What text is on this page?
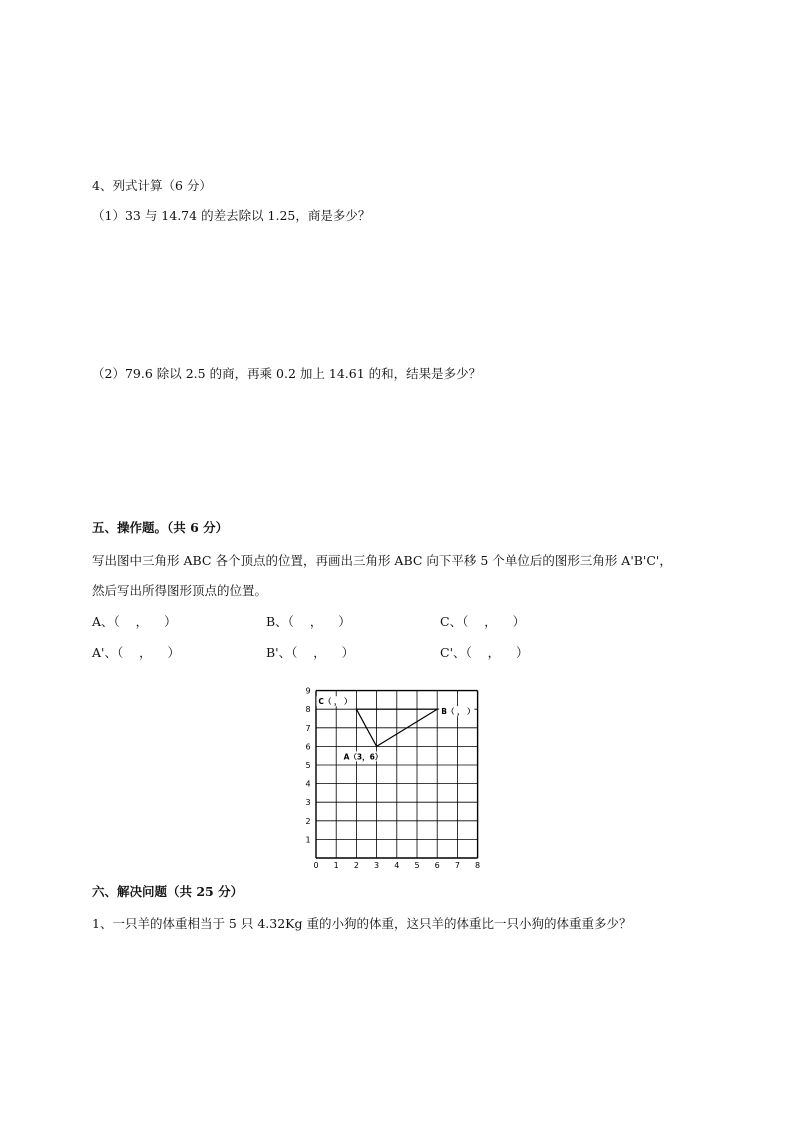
4、列式计算（6 分）
（1）33 与 14.74 的差去除以 1.25，商是多少？
（2）79.6 除以 2.5 的商，再乘 0.2 加上 14.61 的和，结果是多少？
五、操作题。（共 6 分）
写出图中三角形 ABC 各个顶点的位置，再画出三角形 ABC 向下平移 5 个单位后的图形三角形 A'B'C'，
然后写出所得图形顶点的位置。
A、（    ，    ）	B、（    ，    ）	C、（    ，    ）
A'、（    ，    ）	B'、（    ，    ）	C'、（    ，    ）
0 1 2 3 4 5 6 7 8
1
2
3
4
5
6
7
8
9
A（3，6）
B（ ， ）
C（ ， ）
六、解决问题（共 25 分）
1、一只羊的体重相当于 5 只 4.32Kg 重的小狗的体重，这只羊的体重比一只小狗的体重重多少？
